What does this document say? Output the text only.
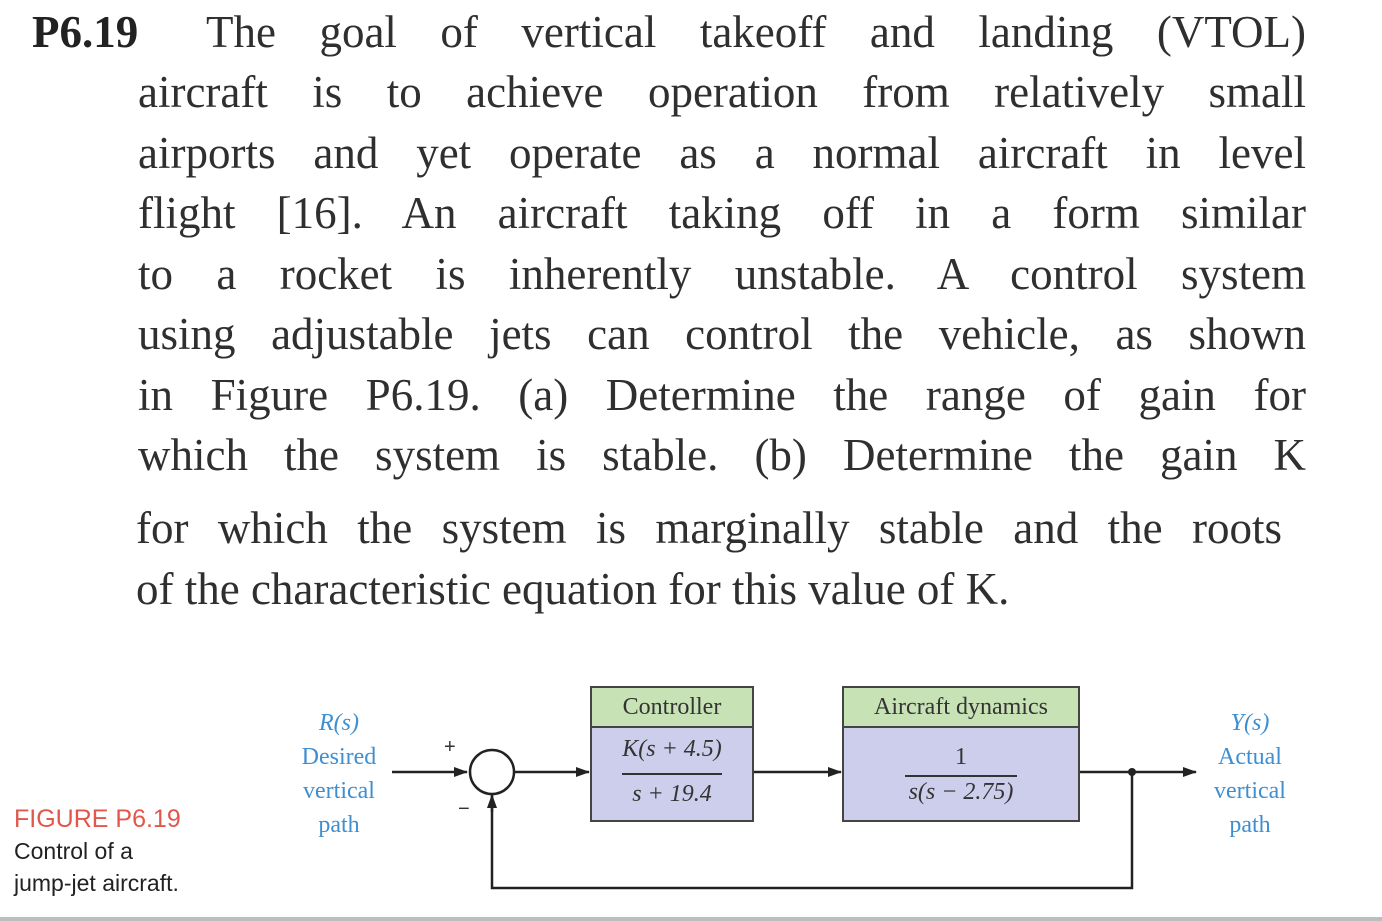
P6.19 The goal of vertical takeoff and landing (VTOL)
aircraft is to achieve operation from relatively small
airports and yet operate as a normal aircraft in level
flight [16]. An aircraft taking off in a form similar
to a rocket is inherently unstable. A control system
using adjustable jets can control the vehicle, as shown
in Figure P6.19. (a) Determine the range of gain for
which the system is stable. (b) Determine the gain K
for which the system is marginally stable and the roots
of the characteristic equation for this value of K.
FIGURE P6.19
Control of a
jump-jet aircraft.
R(s)
Desired
vertical
path
Y(s)
Actual
vertical
path
+
−
Controller
K(s + 4.5)
s + 19.4
Aircraft dynamics
1
s(s − 2.75)
